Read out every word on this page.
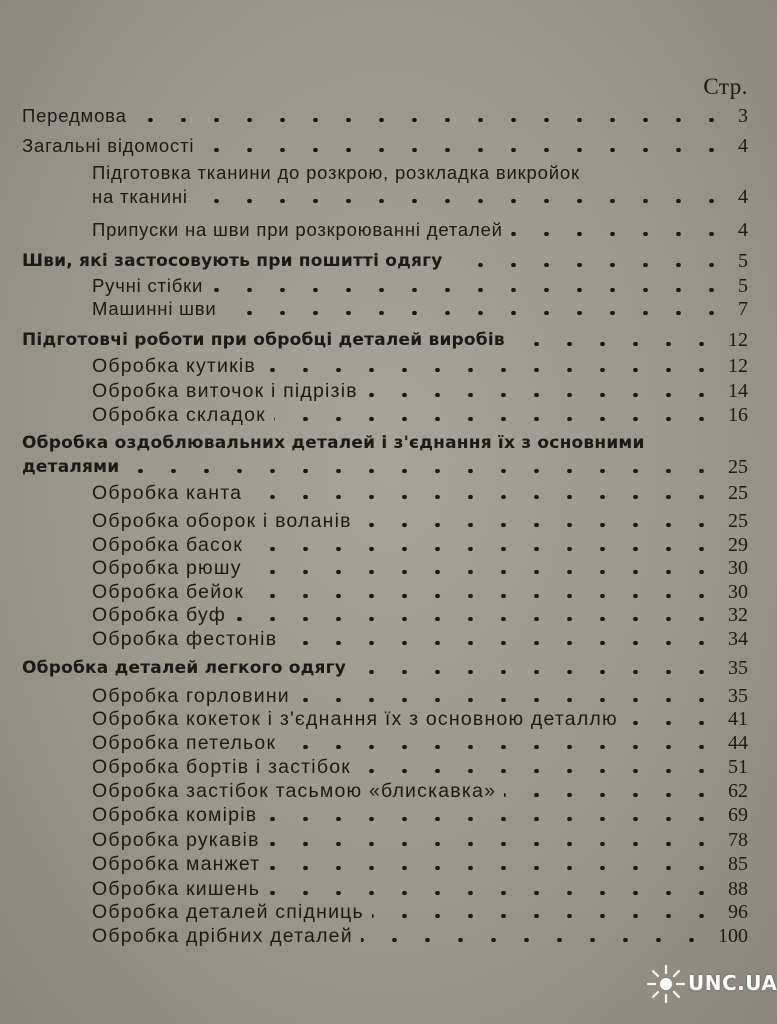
Стр.
Передмова	3
Загальні відомості	4
Підготовка тканини до розкрою, розкладка викройок
на тканині	4
Припуски на шви при розкроюванні деталей	4
Шви, які застосовують при пошитті одягу	5
Ручні стібки	5
Машинні шви	7
Підготовчі роботи при обробці деталей виробів	12
Обробка кутиків	12
Обробка виточок і підрізів	14
Обробка складок	16
Обробка оздоблювальних деталей і з'єднання їх з основними
деталями	25
Обробка канта	25
Обробка оборок і воланів	25
Обробка басок	29
Обробка рюшу	30
Обробка бейок	30
Обробка буф	32
Обробка фестонів	34
Обробка деталей легкого одягу	35
Обробка горловини	35
Обробка кокеток і з'єднання їх з основною деталлю	41
Обробка петельок	44
Обробка бортів і застібок	51
Обробка застібок тасьмою «блискавка»	62
Обробка комірів	69
Обробка рукавів	78
Обробка манжет	85
Обробка кишень	88
Обробка деталей спідниць	96
Обробка дрібних деталей	100
UNC.UA
